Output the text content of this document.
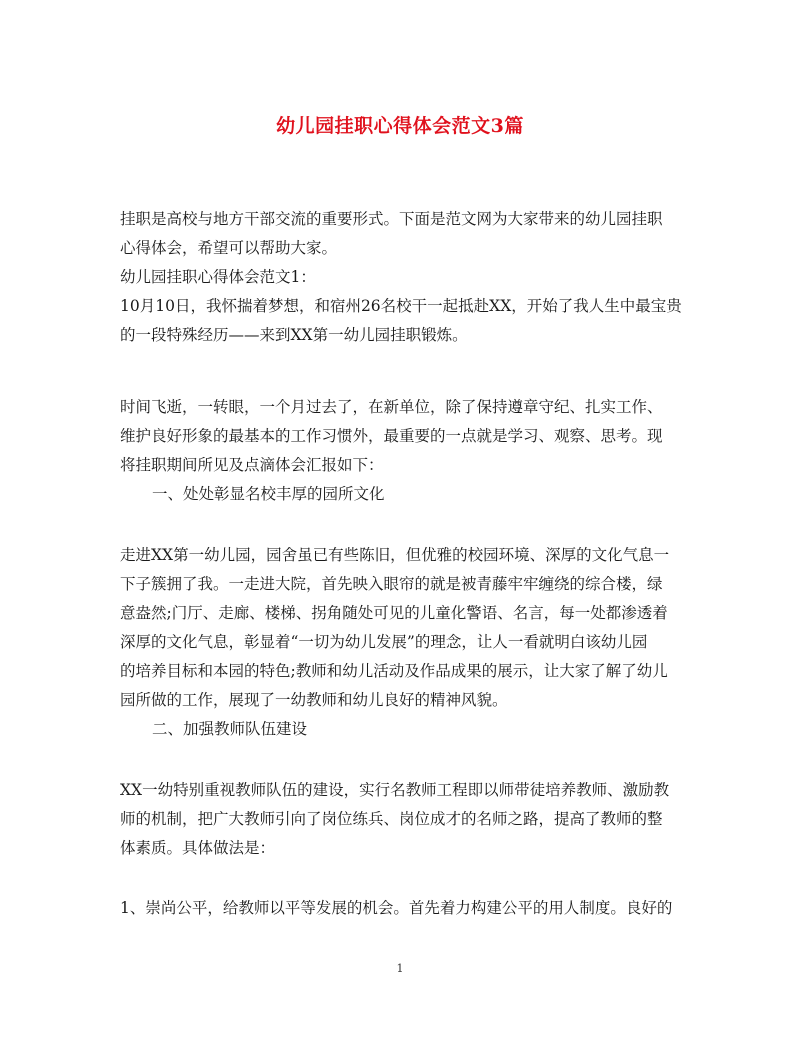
幼儿园挂职心得体会范文3篇
挂职是高校与地方干部交流的重要形式。下面是范文网为大家带来的幼儿园挂职
心得体会，希望可以帮助大家。
幼儿园挂职心得体会范文1：
10月10日，我怀揣着梦想，和宿州26名校干一起抵赴XX，开始了我人生中最宝贵
的一段特殊经历——来到XX第一幼儿园挂职锻炼。
时间飞逝，一转眼，一个月过去了，在新单位，除了保持遵章守纪、扎实工作、
维护良好形象的最基本的工作习惯外，最重要的一点就是学习、观察、思考。现
将挂职期间所见及点滴体会汇报如下：
一、处处彰显名校丰厚的园所文化
走进XX第一幼儿园，园舍虽已有些陈旧，但优雅的校园环境、深厚的文化气息一
下子簇拥了我。一走进大院，首先映入眼帘的就是被青藤牢牢缠绕的综合楼，绿
意盎然;门厅、走廊、楼梯、拐角随处可见的儿童化警语、名言，每一处都渗透着
深厚的文化气息，彰显着“一切为幼儿发展”的理念，让人一看就明白该幼儿园
的培养目标和本园的特色;教师和幼儿活动及作品成果的展示，让大家了解了幼儿
园所做的工作，展现了一幼教师和幼儿良好的精神风貌。
二、加强教师队伍建设
XX一幼特别重视教师队伍的建设，实行名教师工程即以师带徒培养教师、激励教
师的机制，把广大教师引向了岗位练兵、岗位成才的名师之路，提高了教师的整
体素质。具体做法是：
1、崇尚公平，给教师以平等发展的机会。首先着力构建公平的用人制度。良好的
1
